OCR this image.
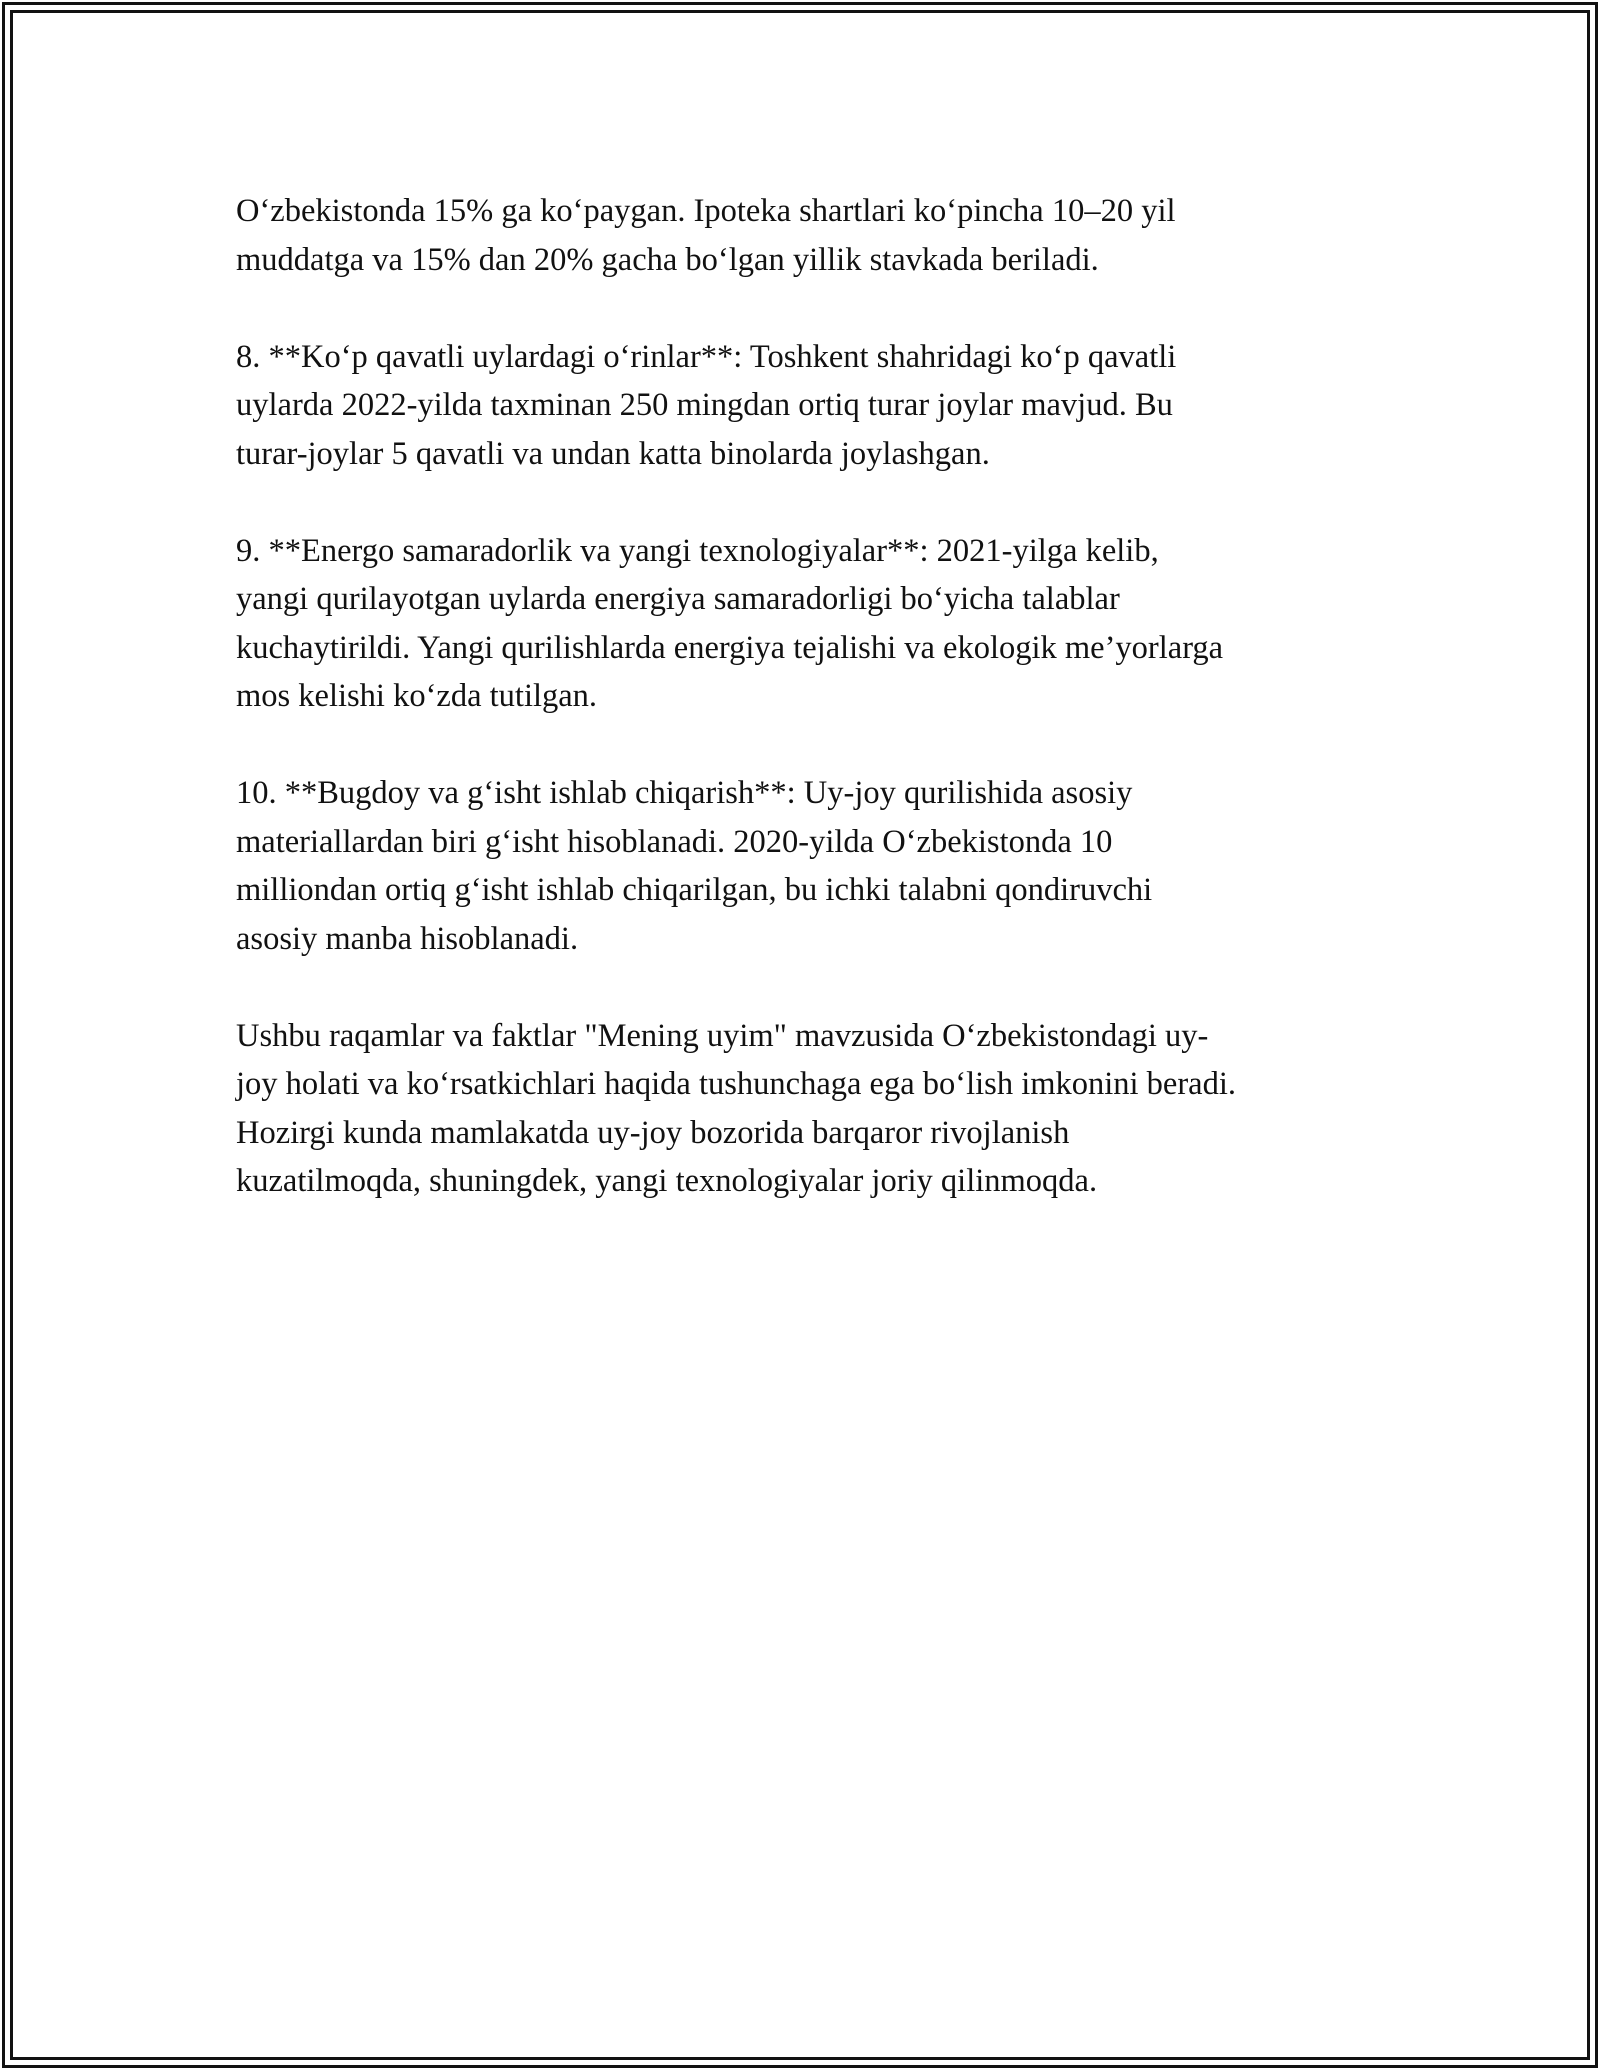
O‘zbekistonda 15% ga ko‘paygan. Ipoteka shartlari ko‘pincha 10–20 yil
muddatga va 15% dan 20% gacha bo‘lgan yillik stavkada beriladi.

8. **Ko‘p qavatli uylardagi o‘rinlar**: Toshkent shahridagi ko‘p qavatli
uylarda 2022-yilda taxminan 250 mingdan ortiq turar joylar mavjud. Bu
turar-joylar 5 qavatli va undan katta binolarda joylashgan.

9. **Energo samaradorlik va yangi texnologiyalar**: 2021-yilga kelib,
yangi qurilayotgan uylarda energiya samaradorligi bo‘yicha talablar
kuchaytirildi. Yangi qurilishlarda energiya tejalishi va ekologik me’yorlarga
mos kelishi ko‘zda tutilgan.

10. **Bugdoy va g‘isht ishlab chiqarish**: Uy-joy qurilishida asosiy
materiallardan biri g‘isht hisoblanadi. 2020-yilda O‘zbekistonda 10
milliondan ortiq g‘isht ishlab chiqarilgan, bu ichki talabni qondiruvchi
asosiy manba hisoblanadi.

Ushbu raqamlar va faktlar "Mening uyim" mavzusida O‘zbekistondagi uy-
joy holati va ko‘rsatkichlari haqida tushunchaga ega bo‘lish imkonini beradi.
Hozirgi kunda mamlakatda uy-joy bozorida barqaror rivojlanish
kuzatilmoqda, shuningdek, yangi texnologiyalar joriy qilinmoqda.
